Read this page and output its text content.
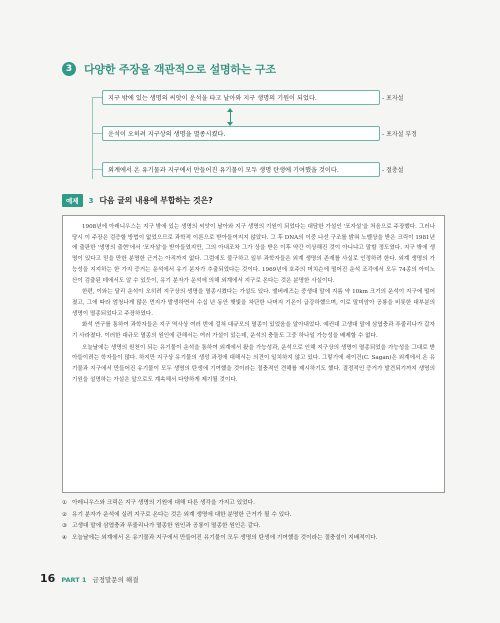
3	다양한 주장을 객관적으로 설명하는 구조
지구 밖에 있는 생명의 씨앗이 운석을 타고 날아와 지구 생명의 기원이 되었다.	- 포자설
운석이 오히려 지구상의 생명을 멸종시켰다.	- 포자설 부정
외계에서 온 유기물과 지구에서 만들어진 유기물이 모두 생명 탄생에 기여했을 것이다.	- 절충설
예제	3 다음 글의 내용에 부합하는 것은?

1908년에 아레니우스는 지구 밖에 있는 생명의 씨앗이 날아와 지구 생명의 기원이 되었다는 대담한 가설인 '포자설'을 처음으로 주장했다. 그러나 당시 이 주장은 검증할 방법이 없었으므로 과학적 이론으로 받아들여지지 않았다. 그 후 DNA의 이중 나선 구조를 밝혀 노벨상을 받은 크릭이 1981년에 출판한 '생명의 출현'에서 '포자설'을 받아들였지만, 그의 아내조차 그가 상을 받은 이후 약간 이상해진 것이 아니냐고 말할 정도였다. 지구 밖에 생명이 있다고 믿을 만한 분명한 근거는 아직까지 없다. 그럼에도 불구하고 일부 과학자들은 외계 생명의 존재를 사실로 인정하려 한다. 외계 생명의 가능성을 지지하는 한 가지 증거는 운석에서 유기 분자가 추출되었다는 것이다. 1969년에 호주의 머치슨에 떨어진 운석 조각에서 모두 74종의 아미노산이 검출된 데에서도 알 수 있듯이, 유기 분자가 운석에 의해 외계에서 지구로 온다는 것은 분명한 사실이다.

한편, 이와는 달리 운석이 오히려 지구상의 생명을 멸종시켰다는 가설도 있다. 앨버레즈는 중생대 말에 지름 약 10km 크기의 운석이 지구에 떨어졌고, 그에 따라 엄청나게 많은 먼지가 발생하면서 수십 년 동안 햇빛을 차단한 나머지 기온이 급강하했으며, 이로 말미암아 공룡을 비롯한 대부분의 생명이 멸종되었다고 주장하였다.

화석 연구를 통하여 과학자들은 지구 역사상 여러 번에 걸쳐 대규모의 멸종이 있었음을 알아내었다. 예컨대 고생대 말에 삼엽충과 푸줄리나가 갑자기 사라졌다. 이러한 대규모 멸종의 원인에 관해서는 여러 가설이 있는데, 운석의 충돌도 그중 하나일 가능성을 배제할 수 없다.

오늘날에는 생명의 원천이 되는 유기물이 운석을 통하여 외계에서 왔을 가능성과, 운석으로 인해 지구상의 생명이 멸종되었을 가능성을 그대로 받아들이려는 학자들이 많다. 하지만 지구상 유기물의 생성 과정에 대해서는 의견이 일치하지 않고 있다. 그렇기에 세이건(C. Sagan)은 외계에서 온 유기물과 지구에서 만들어진 유기물이 모두 생명의 탄생에 기여했을 것이라는 절충적인 견해를 제시하기도 했다. 결정적인 증거가 발견되기까지 생명의 기원을 설명하는 가설은 앞으로도 계속해서 다양하게 제기될 것이다.

① 아레니우스와 크릭은 지구 생명의 기원에 대해 다른 생각을 가지고 있었다.
② 유기 분자가 운석에 실려 지구로 온다는 것은 외계 생명에 대한 분명한 근거가 될 수 있다.
③ 고생대 말에 삼엽충과 푸줄리나가 멸종한 원인과 공룡이 멸종한 원인은 같다.
④ 오늘날에는 외계에서 온 유기물과 지구에서 만들어진 유기물이 모두 생명의 탄생에 기여했을 것이라는 절충설이 지배적이다.
16 PART 1 금정말문의 해결
